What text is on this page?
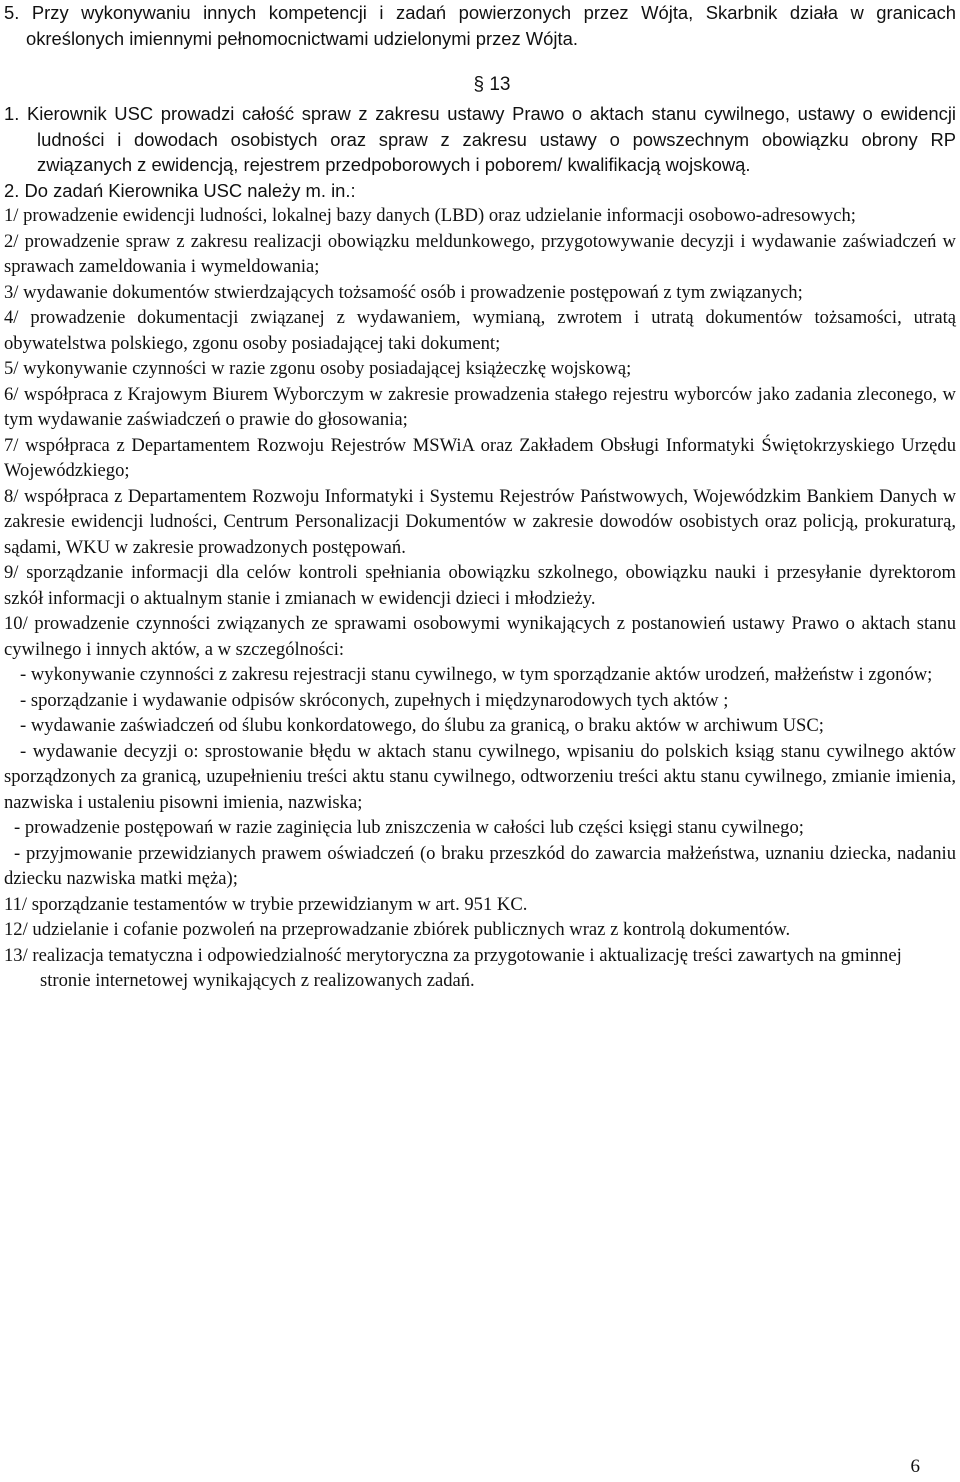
5. Przy wykonywaniu innych kompetencji i zadań powierzonych przez Wójta, Skarbnik działa w granicach określonych imiennymi pełnomocnictwami udzielonymi przez Wójta.

§ 13

1. Kierownik USC prowadzi całość spraw z zakresu ustawy Prawo o aktach stanu cywilnego, ustawy o ewidencji ludności i dowodach osobistych oraz spraw z zakresu ustawy o powszechnym obowiązku obrony RP związanych z ewidencją, rejestrem przedpoborowych i poborem/ kwalifikacją wojskową.

2. Do zadań Kierownika USC należy m. in.:

1/ prowadzenie ewidencji ludności, lokalnej bazy danych (LBD) oraz udzielanie informacji osobowo-adresowych;

2/ prowadzenie spraw z zakresu realizacji obowiązku meldunkowego, przygotowywanie decyzji i wydawanie zaświadczeń w sprawach zameldowania i wymeldowania;

3/ wydawanie dokumentów stwierdzających tożsamość osób i prowadzenie postępowań z tym związanych;

4/ prowadzenie dokumentacji związanej z wydawaniem, wymianą, zwrotem i utratą dokumentów tożsamości, utratą obywatelstwa polskiego, zgonu osoby posiadającej taki dokument;

5/ wykonywanie czynności w razie zgonu osoby posiadającej książeczkę wojskową;

6/ współpraca z Krajowym Biurem Wyborczym w zakresie prowadzenia stałego rejestru wyborców jako zadania zleconego, w tym wydawanie zaświadczeń o prawie do głosowania;

7/ współpraca z Departamentem Rozwoju Rejestrów MSWiA oraz Zakładem Obsługi Informatyki Świętokrzyskiego Urzędu Wojewódzkiego;

8/ współpraca z Departamentem Rozwoju Informatyki i Systemu Rejestrów Państwowych, Wojewódzkim Bankiem Danych w zakresie ewidencji ludności, Centrum Personalizacji Dokumentów w zakresie dowodów osobistych oraz policją, prokuraturą, sądami, WKU w zakresie prowadzonych postępowań.

9/ sporządzanie informacji dla celów kontroli spełniania obowiązku szkolnego, obowiązku nauki i przesyłanie dyrektorom szkół informacji o aktualnym stanie i zmianach w ewidencji dzieci i młodzieży.

10/ prowadzenie czynności związanych ze sprawami osobowymi wynikających z postanowień ustawy Prawo o aktach stanu cywilnego i innych aktów, a w szczególności:

- wykonywanie czynności z zakresu rejestracji stanu cywilnego, w tym sporządzanie aktów urodzeń, małżeństw i zgonów;

- sporządzanie i wydawanie odpisów skróconych, zupełnych i międzynarodowych tych aktów ;

- wydawanie zaświadczeń od ślubu konkordatowego, do ślubu za granicą, o braku aktów w archiwum USC;

- wydawanie decyzji o: sprostowanie błędu w aktach stanu cywilnego, wpisaniu do polskich ksiąg stanu cywilnego aktów sporządzonych za granicą, uzupełnieniu treści aktu stanu cywilnego, odtworzeniu treści aktu stanu cywilnego, zmianie imienia, nazwiska i ustaleniu pisowni imienia, nazwiska;

- prowadzenie postępowań w razie zaginięcia lub zniszczenia w całości lub części księgi stanu cywilnego;

- przyjmowanie przewidzianych prawem oświadczeń (o braku przeszkód do zawarcia małżeństwa, uznaniu dziecka, nadaniu dziecku nazwiska matki męża);

11/ sporządzanie testamentów w trybie przewidzianym w art. 951 KC.

12/ udzielanie i cofanie pozwoleń na przeprowadzanie zbiórek publicznych wraz z kontrolą dokumentów.

13/ realizacja tematyczna i odpowiedzialność merytoryczna za przygotowanie i aktualizację treści zawartych na gminnej stronie internetowej wynikających z realizowanych zadań.

6
